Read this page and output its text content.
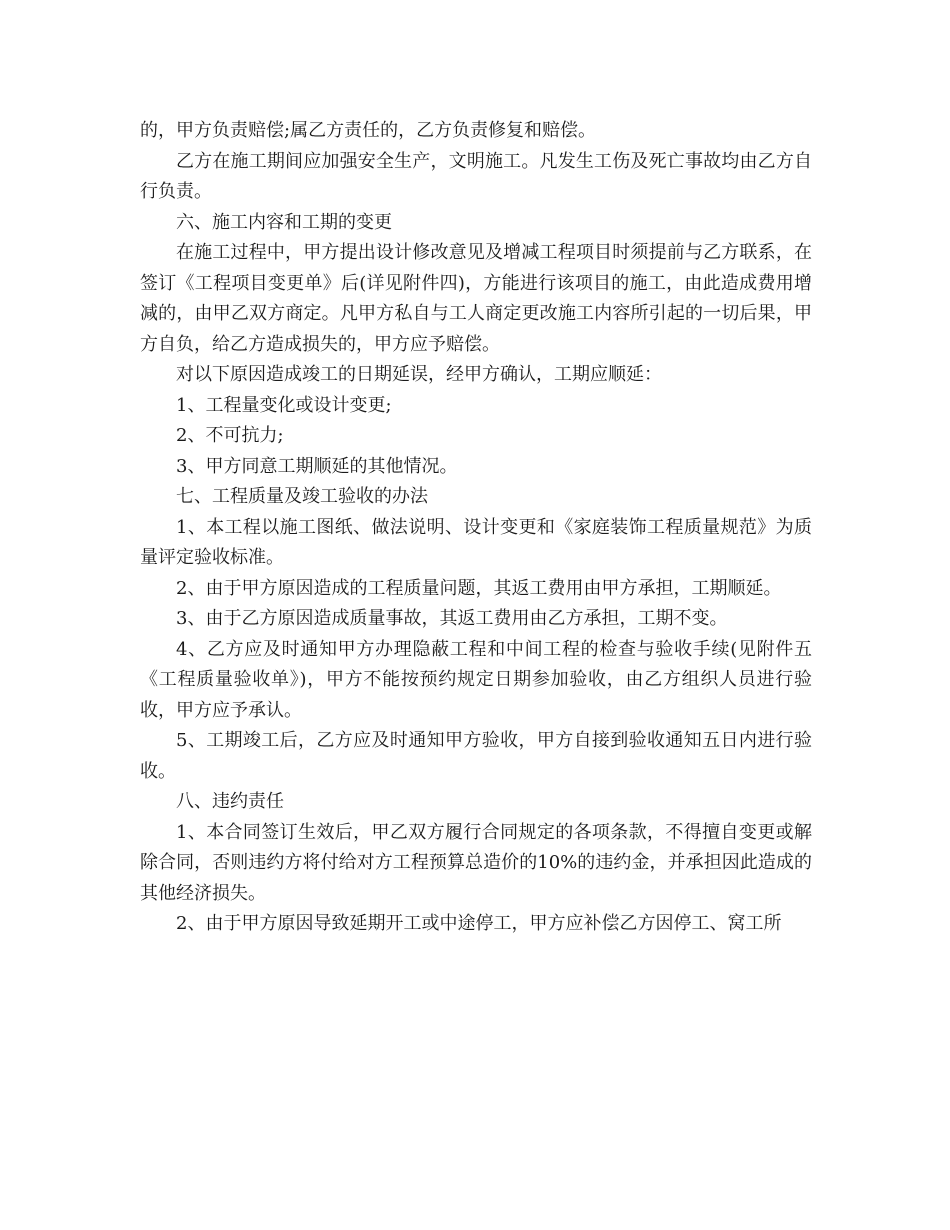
的，甲方负责赔偿;属乙方责任的，乙方负责修复和赔偿。

乙方在施工期间应加强安全生产，文明施工。凡发生工伤及死亡事故均由乙方自行负责。

六、施工内容和工期的变更

在施工过程中，甲方提出设计修改意见及增减工程项目时须提前与乙方联系，在签订《工程项目变更单》后(详见附件四)，方能进行该项目的施工，由此造成费用增减的，由甲乙双方商定。凡甲方私自与工人商定更改施工内容所引起的一切后果，甲方自负，给乙方造成损失的，甲方应予赔偿。

对以下原因造成竣工的日期延误，经甲方确认，工期应顺延：

1、工程量变化或设计变更;

2、不可抗力;

3、甲方同意工期顺延的其他情况。

七、工程质量及竣工验收的办法

1、本工程以施工图纸、做法说明、设计变更和《家庭装饰工程质量规范》为质量评定验收标准。

2、由于甲方原因造成的工程质量问题，其返工费用由甲方承担，工期顺延。

3、由于乙方原因造成质量事故，其返工费用由乙方承担，工期不变。

4、乙方应及时通知甲方办理隐蔽工程和中间工程的检查与验收手续(见附件五《工程质量验收单》)，甲方不能按预约规定日期参加验收，由乙方组织人员进行验收，甲方应予承认。

5、工期竣工后，乙方应及时通知甲方验收，甲方自接到验收通知五日内进行验收。

八、违约责任

1、本合同签订生效后，甲乙双方履行合同规定的各项条款，不得擅自变更或解除合同，否则违约方将付给对方工程预算总造价的10%的违约金，并承担因此造成的其他经济损失。

2、由于甲方原因导致延期开工或中途停工，甲方应补偿乙方因停工、窝工所
